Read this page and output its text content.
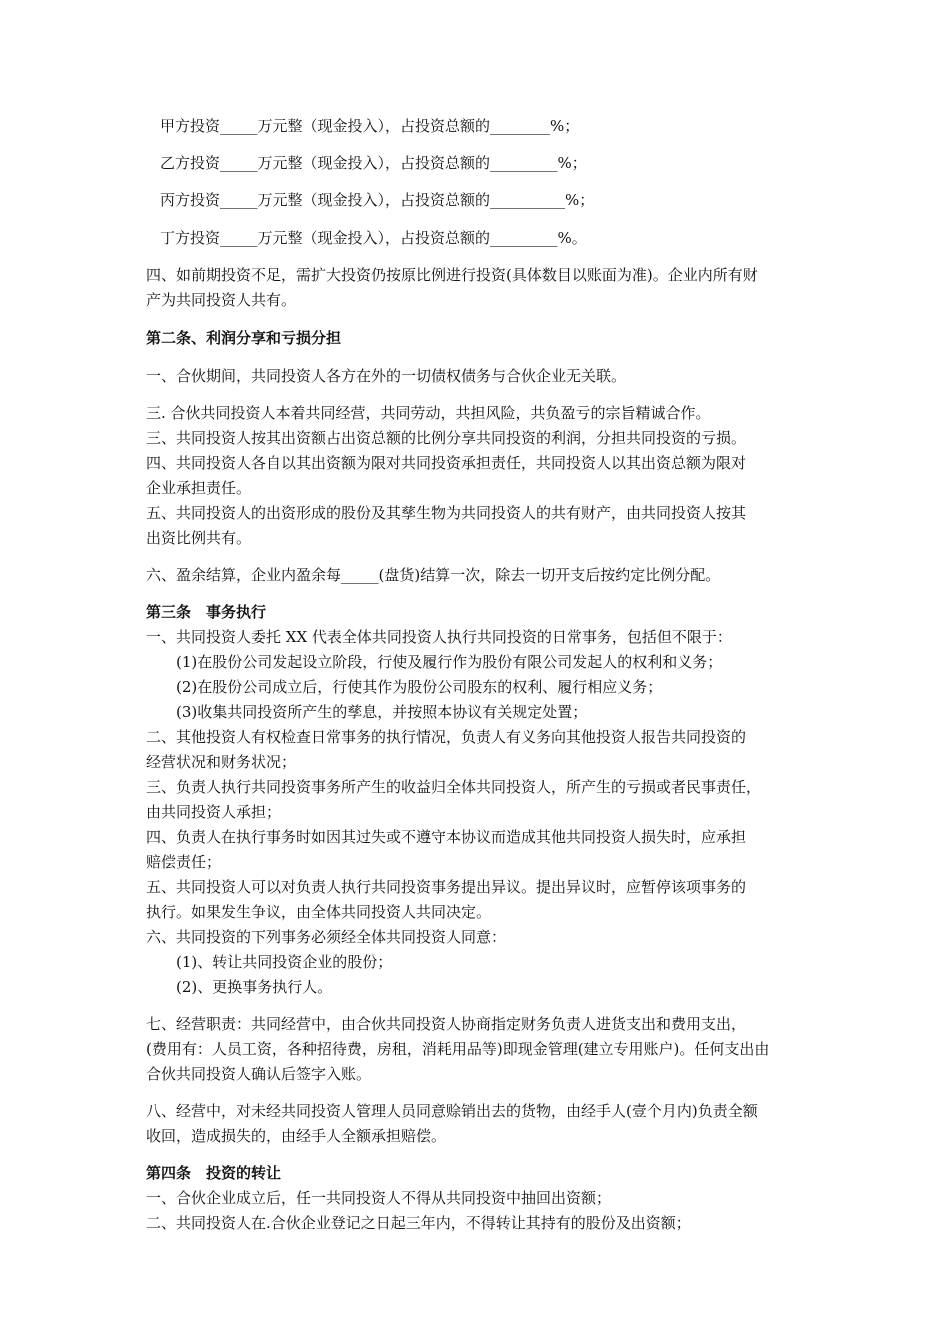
甲方投资_____万元整（现金投入），占投资总额的________%；
乙方投资_____万元整（现金投入），占投资总额的_________%；
丙方投资_____万元整（现金投入），占投资总额的__________%；
丁方投资_____万元整（现金投入），占投资总额的_________%。
四、如前期投资不足，需扩大投资仍按原比例进行投资(具体数目以账面为准)。企业内所有财
产为共同投资人共有。
第二条、利润分享和亏损分担
一、合伙期间，共同投资人各方在外的一切债权债务与合伙企业无关联。
三. 合伙共同投资人本着共同经营，共同劳动，共担风险，共负盈亏的宗旨精诚合作。
三、共同投资人按其出资额占出资总额的比例分享共同投资的利润，分担共同投资的亏损。
四、共同投资人各自以其出资额为限对共同投资承担责任，共同投资人以其出资总额为限对
企业承担责任。
五、共同投资人的出资形成的股份及其孳生物为共同投资人的共有财产，由共同投资人按其
出资比例共有。
六、盈余结算，企业内盈余每_____(盘货)结算一次，除去一切开支后按约定比例分配。
第三条　事务执行
一、共同投资人委托 XX 代表全体共同投资人执行共同投资的日常事务，包括但不限于：
(1)在股份公司发起设立阶段，行使及履行作为股份有限公司发起人的权利和义务；
(2)在股份公司成立后，行使其作为股份公司股东的权利、履行相应义务；
(3)收集共同投资所产生的孳息，并按照本协议有关规定处置；
二、其他投资人有权检查日常事务的执行情况，负责人有义务向其他投资人报告共同投资的
经营状况和财务状况；
三、负责人执行共同投资事务所产生的收益归全体共同投资人，所产生的亏损或者民事责任，
由共同投资人承担；
四、负责人在执行事务时如因其过失或不遵守本协议而造成其他共同投资人损失时，应承担
赔偿责任；
五、共同投资人可以对负责人执行共同投资事务提出异议。提出异议时，应暂停该项事务的
执行。如果发生争议，由全体共同投资人共同决定。
六、共同投资的下列事务必须经全体共同投资人同意：
(1)、转让共同投资企业的股份；
(2)、更换事务执行人。
七、经营职责：共同经营中，由合伙共同投资人协商指定财务负责人进货支出和费用支出，
(费用有：人员工资，各种招待费，房租，消耗用品等)即现金管理(建立专用账户)。任何支出由
合伙共同投资人确认后签字入账。
八、经营中，对未经共同投资人管理人员同意赊销出去的货物，由经手人(壹个月内)负责全额
收回，造成损失的，由经手人全额承担赔偿。
第四条　投资的转让
一、合伙企业成立后，任一共同投资人不得从共同投资中抽回出资额；
二、共同投资人在.合伙企业登记之日起三年内，不得转让其持有的股份及出资额；
